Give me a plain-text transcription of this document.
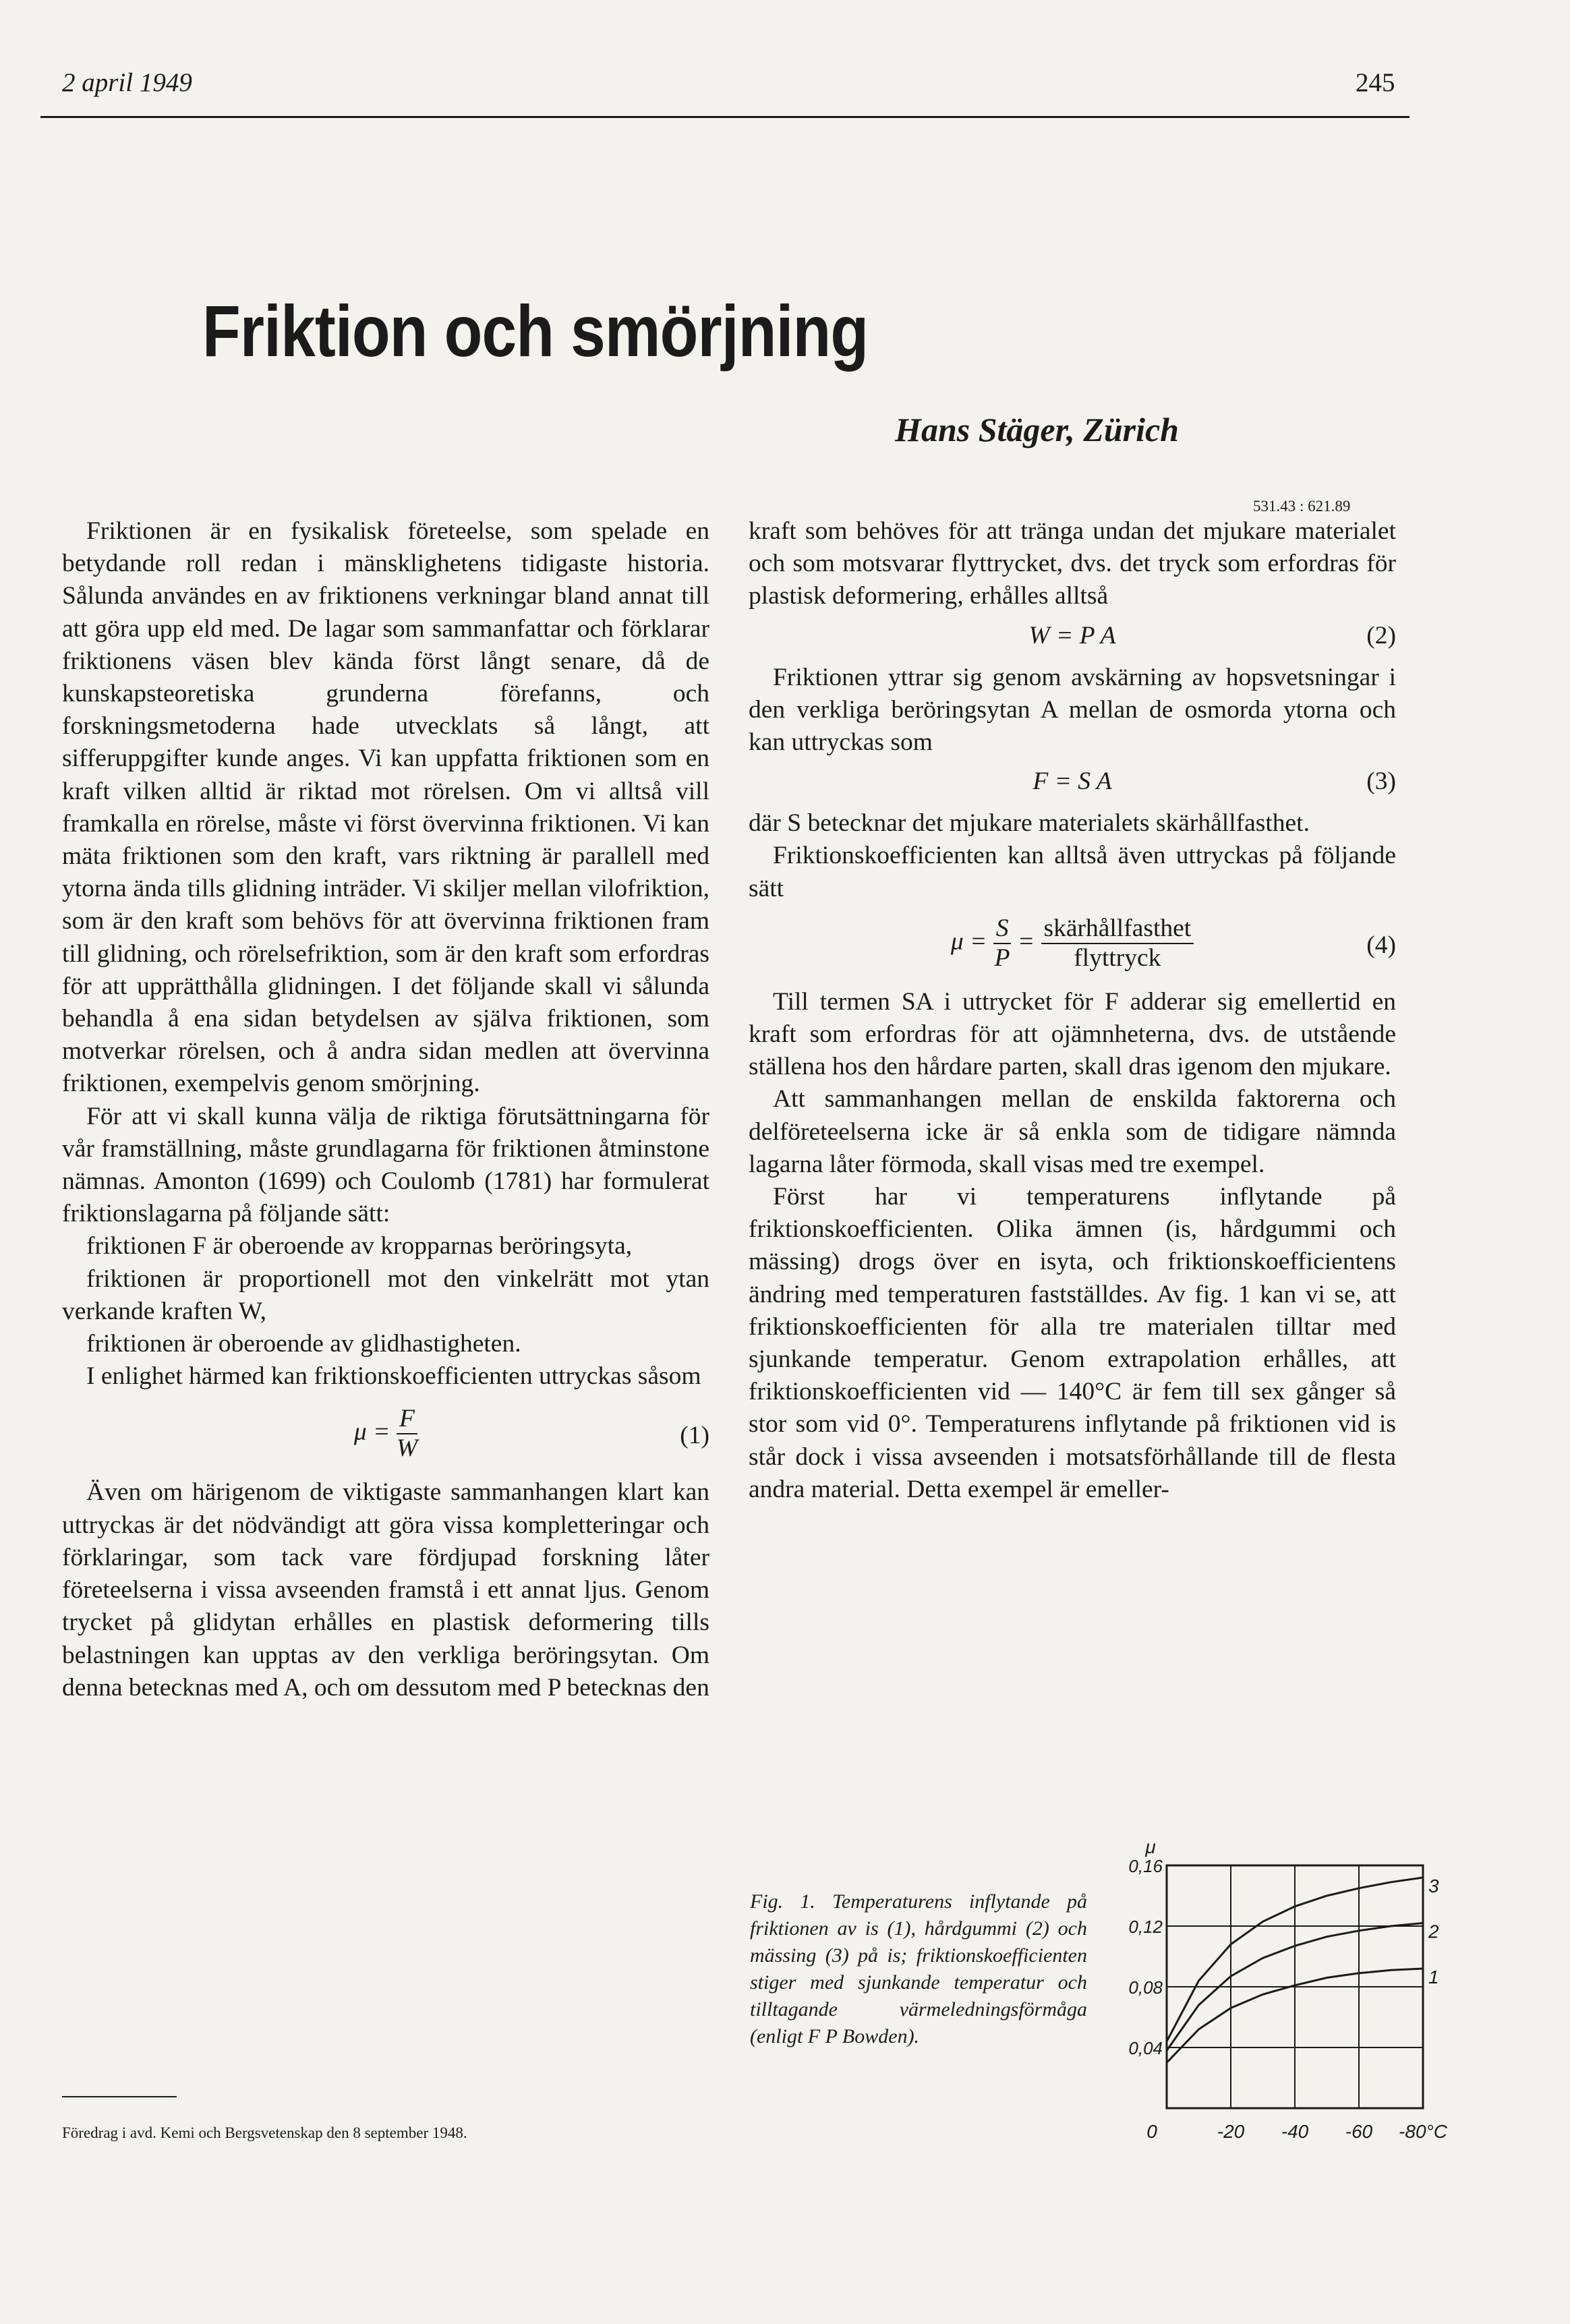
2 april 1949	245
Friktion och smörjning
Hans Stäger, Zürich
531.43 : 621.89

Friktionen är en fysikalisk företeelse, som spelade en betydande roll redan i mänsklighetens tidigaste historia. Sålunda användes en av friktionens verkningar bland annat till att göra upp eld med. De lagar som sammanfattar och förklarar friktionens väsen blev kända först långt senare, då de kunskapsteoretiska grunderna förefanns, och forskningsmetoderna hade utvecklats så långt, att sifferuppgifter kunde anges. Vi kan uppfatta friktionen som en kraft vilken alltid är riktad mot rörelsen. Om vi alltså vill framkalla en rörelse, måste vi först övervinna friktionen. Vi kan mäta friktionen som den kraft, vars riktning är parallell med ytorna ända tills glidning inträder. Vi skiljer mellan vilofriktion, som är den kraft som behövs för att övervinna friktionen fram till glidning, och rörelsefriktion, som är den kraft som erfordras för att upprätthålla glidningen. I det följande skall vi sålunda behandla å ena sidan betydelsen av själva friktionen, som motverkar rörelsen, och å andra sidan medlen att övervinna friktionen, exempelvis genom smörjning.

För att vi skall kunna välja de riktiga förutsättningarna för vår framställning, måste grundlagarna för friktionen åtminstone nämnas. Amonton (1699) och Coulomb (1781) har formulerat friktionslagarna på följande sätt:

friktionen F är oberoende av kropparnas beröringsyta,

friktionen är proportionell mot den vinkelrätt mot ytan verkande kraften W,

friktionen är oberoende av glidhastigheten.

I enlighet härmed kan friktionskoefficienten uttryckas såsom

$\mu = \frac{F}{W}$	(1)

Även om härigenom de viktigaste sammanhangen klart kan uttryckas är det nödvändigt att göra vissa kompletteringar och förklaringar, som tack vare fördjupad forskning låter företeelserna i vissa avseenden framstå i ett annat ljus. Genom trycket på glidytan erhålles en plastisk deformering tills belastningen kan upptas av den verkliga beröringsytan. Om denna betecknas med A, och om dessutom med P betecknas den

kraft som behöves för att tränga undan det mjukare materialet och som motsvarar flyttrycket, dvs. det tryck som erfordras för plastisk deformering, erhålles alltså

W = P A	(2)

Friktionen yttrar sig genom avskärning av hopsvetsningar i den verkliga beröringsytan A mellan de osmorda ytorna och kan uttryckas som

F = S A	(3)

där S betecknar det mjukare materialets skärhållfasthet.

Friktionskoefficienten kan alltså även uttryckas på följande sätt

$\mu = \frac{S}{P} = \frac{\text{skärhållfasthet}}{\text{flyttryck}}$	(4)

Till termen SA i uttrycket för F adderar sig emellertid en kraft som erfordras för att ojämnheterna, dvs. de utstående ställena hos den hårdare parten, skall dras igenom den mjukare.

Att sammanhangen mellan de enskilda faktorerna och delföreteelserna icke är så enkla som de tidigare nämnda lagarna låter förmoda, skall visas med tre exempel.

Först har vi temperaturens inflytande på friktionskoefficienten. Olika ämnen (is, hårdgummi och mässing) drogs över en isyta, och friktionskoefficientens ändring med temperaturen fastställdes. Av fig. 1 kan vi se, att friktionskoefficienten för alla tre materialen tilltar med sjunkande temperatur. Genom extrapolation erhålles, att friktionskoefficienten vid — 140°C är fem till sex gånger så stor som vid 0°. Temperaturens inflytande på friktionen vid is står dock i vissa avseenden i motsatsförhållande till de flesta andra material. Detta exempel är emeller-

Fig. 1. Temperaturens inflytande på friktionen av is (1), hårdgummi (2) och mässing (3) på is; friktionskoefficienten stiger med sjunkande temperatur och tilltagande värmeledningsförmåga (enligt F P Bowden).
0	-20 -40 -60 -80°C
0,04
0,08
0,12
0,16
μ
1
2
3
Föredrag i avd. Kemi och Bergsvetenskap den 8 september 1948.
